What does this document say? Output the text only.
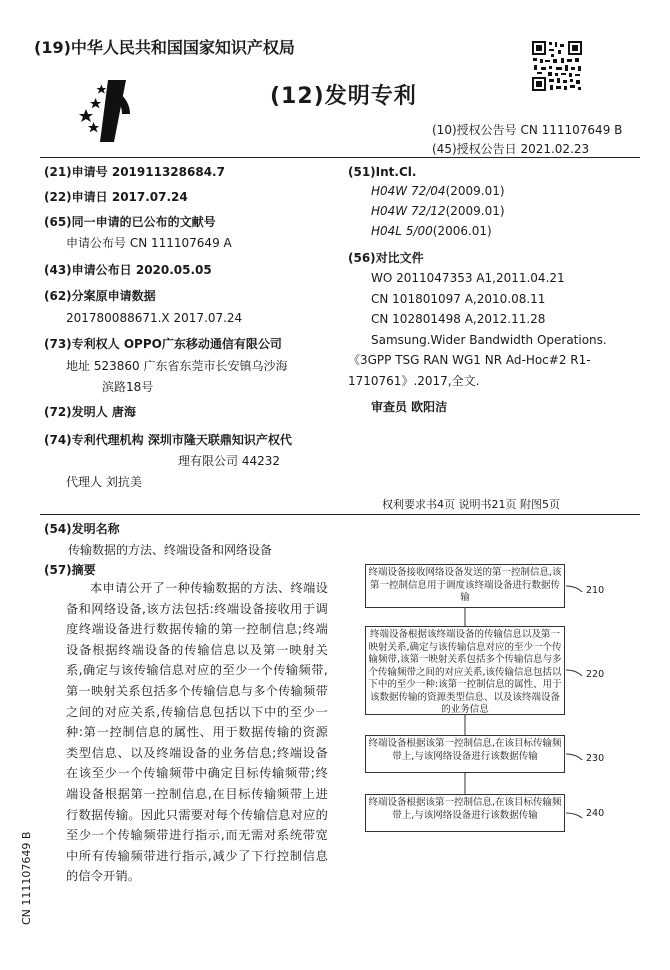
(19)中华人民共和国国家知识产权局
(12)发明专利
(10)授权公告号 CN 111107649 B
(45)授权公告日 2021.02.23
(21)申请号 201911328684.7
(22)申请日 2017.07.24
(65)同一申请的已公布的文献号
申请公布号 CN 111107649 A
(43)申请公布日 2020.05.05
(62)分案原申请数据
201780088671.X 2017.07.24
(73)专利权人 OPPO广东移动通信有限公司
地址 523860 广东省东莞市长安镇乌沙海
滨路18号
(72)发明人 唐海
(74)专利代理机构 深圳市隆天联鼎知识产权代
理有限公司 44232
代理人 刘抗美
(51)Int.Cl.
H04W 72/04(2009.01)
H04W 72/12(2009.01)
H04L 5/00(2006.01)
(56)对比文件
WO 2011047353 A1,2011.04.21
CN 101801097 A,2010.08.11
CN 102801498 A,2012.11.28
Samsung.Wider Bandwidth Operations.
《3GPP TSG RAN WG1 NR Ad-Hoc#2 R1-
1710761》.2017,全文.
审查员 欧阳洁
权利要求书4页 说明书21页 附图5页
(54)发明名称
传输数据的方法、终端设备和网络设备
(57)摘要
本申请公开了一种传输数据的方法、终端设备和网络设备,该方法包括:终端设备接收用于调度终端设备进行数据传输的第一控制信息;终端设备根据终端设备的传输信息以及第一映射关系,确定与该传输信息对应的至少一个传输频带,第一映射关系包括多个传输信息与多个传输频带之间的对应关系,传输信息包括以下中的至少一种:第一控制信息的属性、用于数据传输的资源类型信息、以及终端设备的业务信息;终端设备在该至少一个传输频带中确定目标传输频带;终端设备根据第一控制信息,在目标传输频带上进行数据传输。因此只需要对每个传输信息对应的至少一个传输频带进行指示,而无需对系统带宽中所有传输频带进行指示,减少了下行控制信息的信令开销。
终端设备接收网络设备发送的第一控制信息,该第一控制信息用于调度该终端设备进行数据传输
终端设备根据该终端设备的传输信息以及第一映射关系,确定与该传输信息对应的至少一个传输频带,该第一映射关系包括多个传输信息与多个传输频带之间的对应关系,该传输信息包括以下中的至少一种:该第一控制信息的属性、用于该数据传输的资源类型信息、以及该终端设备的业务信息
终端设备根据该第一控制信息,在该目标传输频带上,与该网络设备进行该数据传输
终端设备根据该第一控制信息,在该目标传输频带上,与该网络设备进行该数据传输
210
220
230
240
CN 111107649 B
